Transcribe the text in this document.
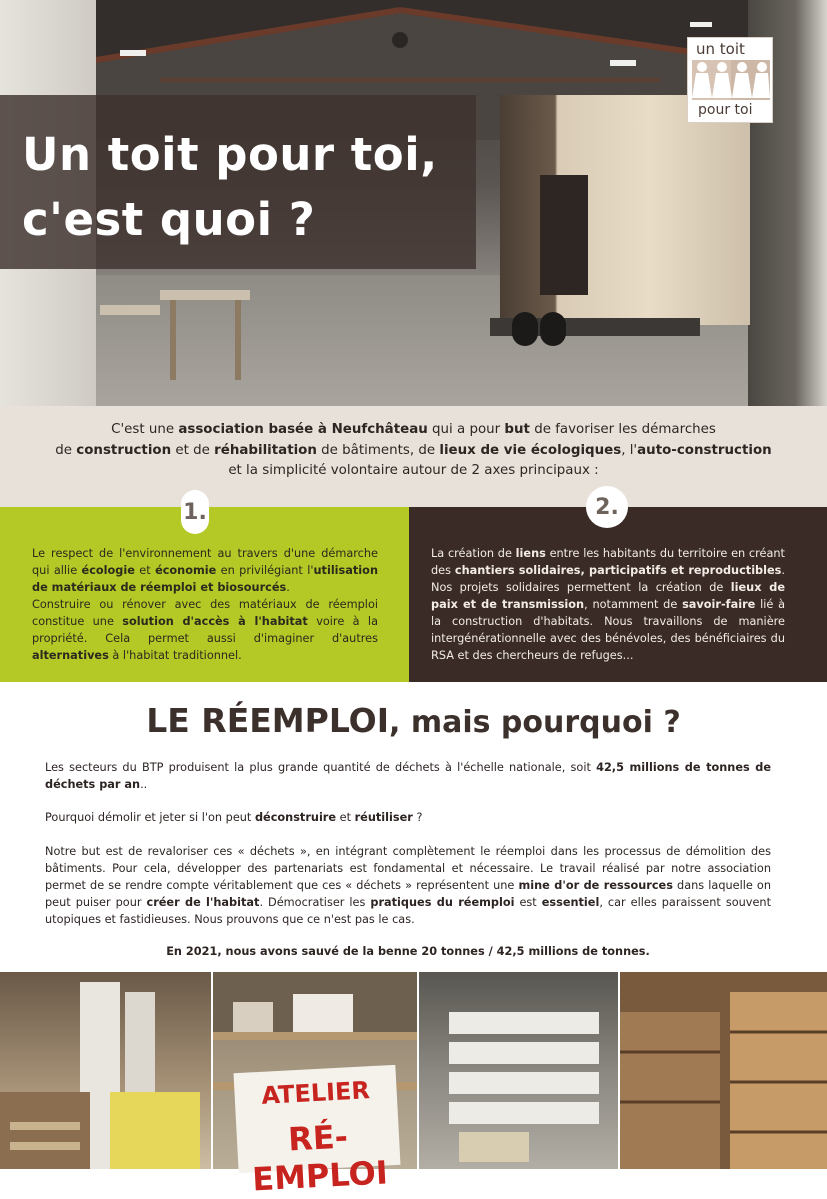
Un toit pour toi,
c'est quoi ?
un toit
pour toi
C'est une association basée à Neufchâteau qui a pour but de favoriser les démarches
de construction et de réhabilitation de bâtiments, de lieux de vie écologiques, l'auto-construction
et la simplicité volontaire autour de 2 axes principaux :
1.	2.

Le respect de l'environnement au travers d'une démarche qui allie écologie et économie en privilégiant l'utilisation de matériaux de réemploi et biosourcés.

Construire ou rénover avec des matériaux de réemploi constitue une solution d'accès à l'habitat voire à la propriété. Cela permet aussi d'imaginer d'autres alternatives à l'habitat traditionnel.

La création de liens entre les habitants du territoire en créant des chantiers solidaires, participatifs et reproductibles. Nos projets solidaires permettent la création de lieux de paix et de transmission, notamment de savoir-faire lié à la construction d'habitats. Nous travaillons de manière intergénérationnelle avec des bénévoles, des bénéficiaires du RSA et des chercheurs de refuges...

LE RÉEMPLOI, mais pourquoi ?

Les secteurs du BTP produisent la plus grande quantité de déchets à l'échelle nationale, soit 42,5 millions de tonnes de déchets par an..

Pourquoi démolir et jeter si l'on peut déconstruire et réutiliser ?

Notre but est de revaloriser ces « déchets », en intégrant complètement le réemploi dans les processus de démolition des bâtiments. Pour cela, développer des partenariats est fondamental et nécessaire. Le travail réalisé par notre association permet de se rendre compte véritablement que ces « déchets » représentent une mine d'or de ressources dans laquelle on peut puiser pour créer de l'habitat. Démocratiser les pratiques du réemploi est essentiel, car elles paraissent souvent utopiques et fastidieuses. Nous prouvons que ce n'est pas le cas.

En 2021, nous avons sauvé de la benne 20 tonnes / 42,5 millions de tonnes.

ATELIER
RÉ-EMPLOI
